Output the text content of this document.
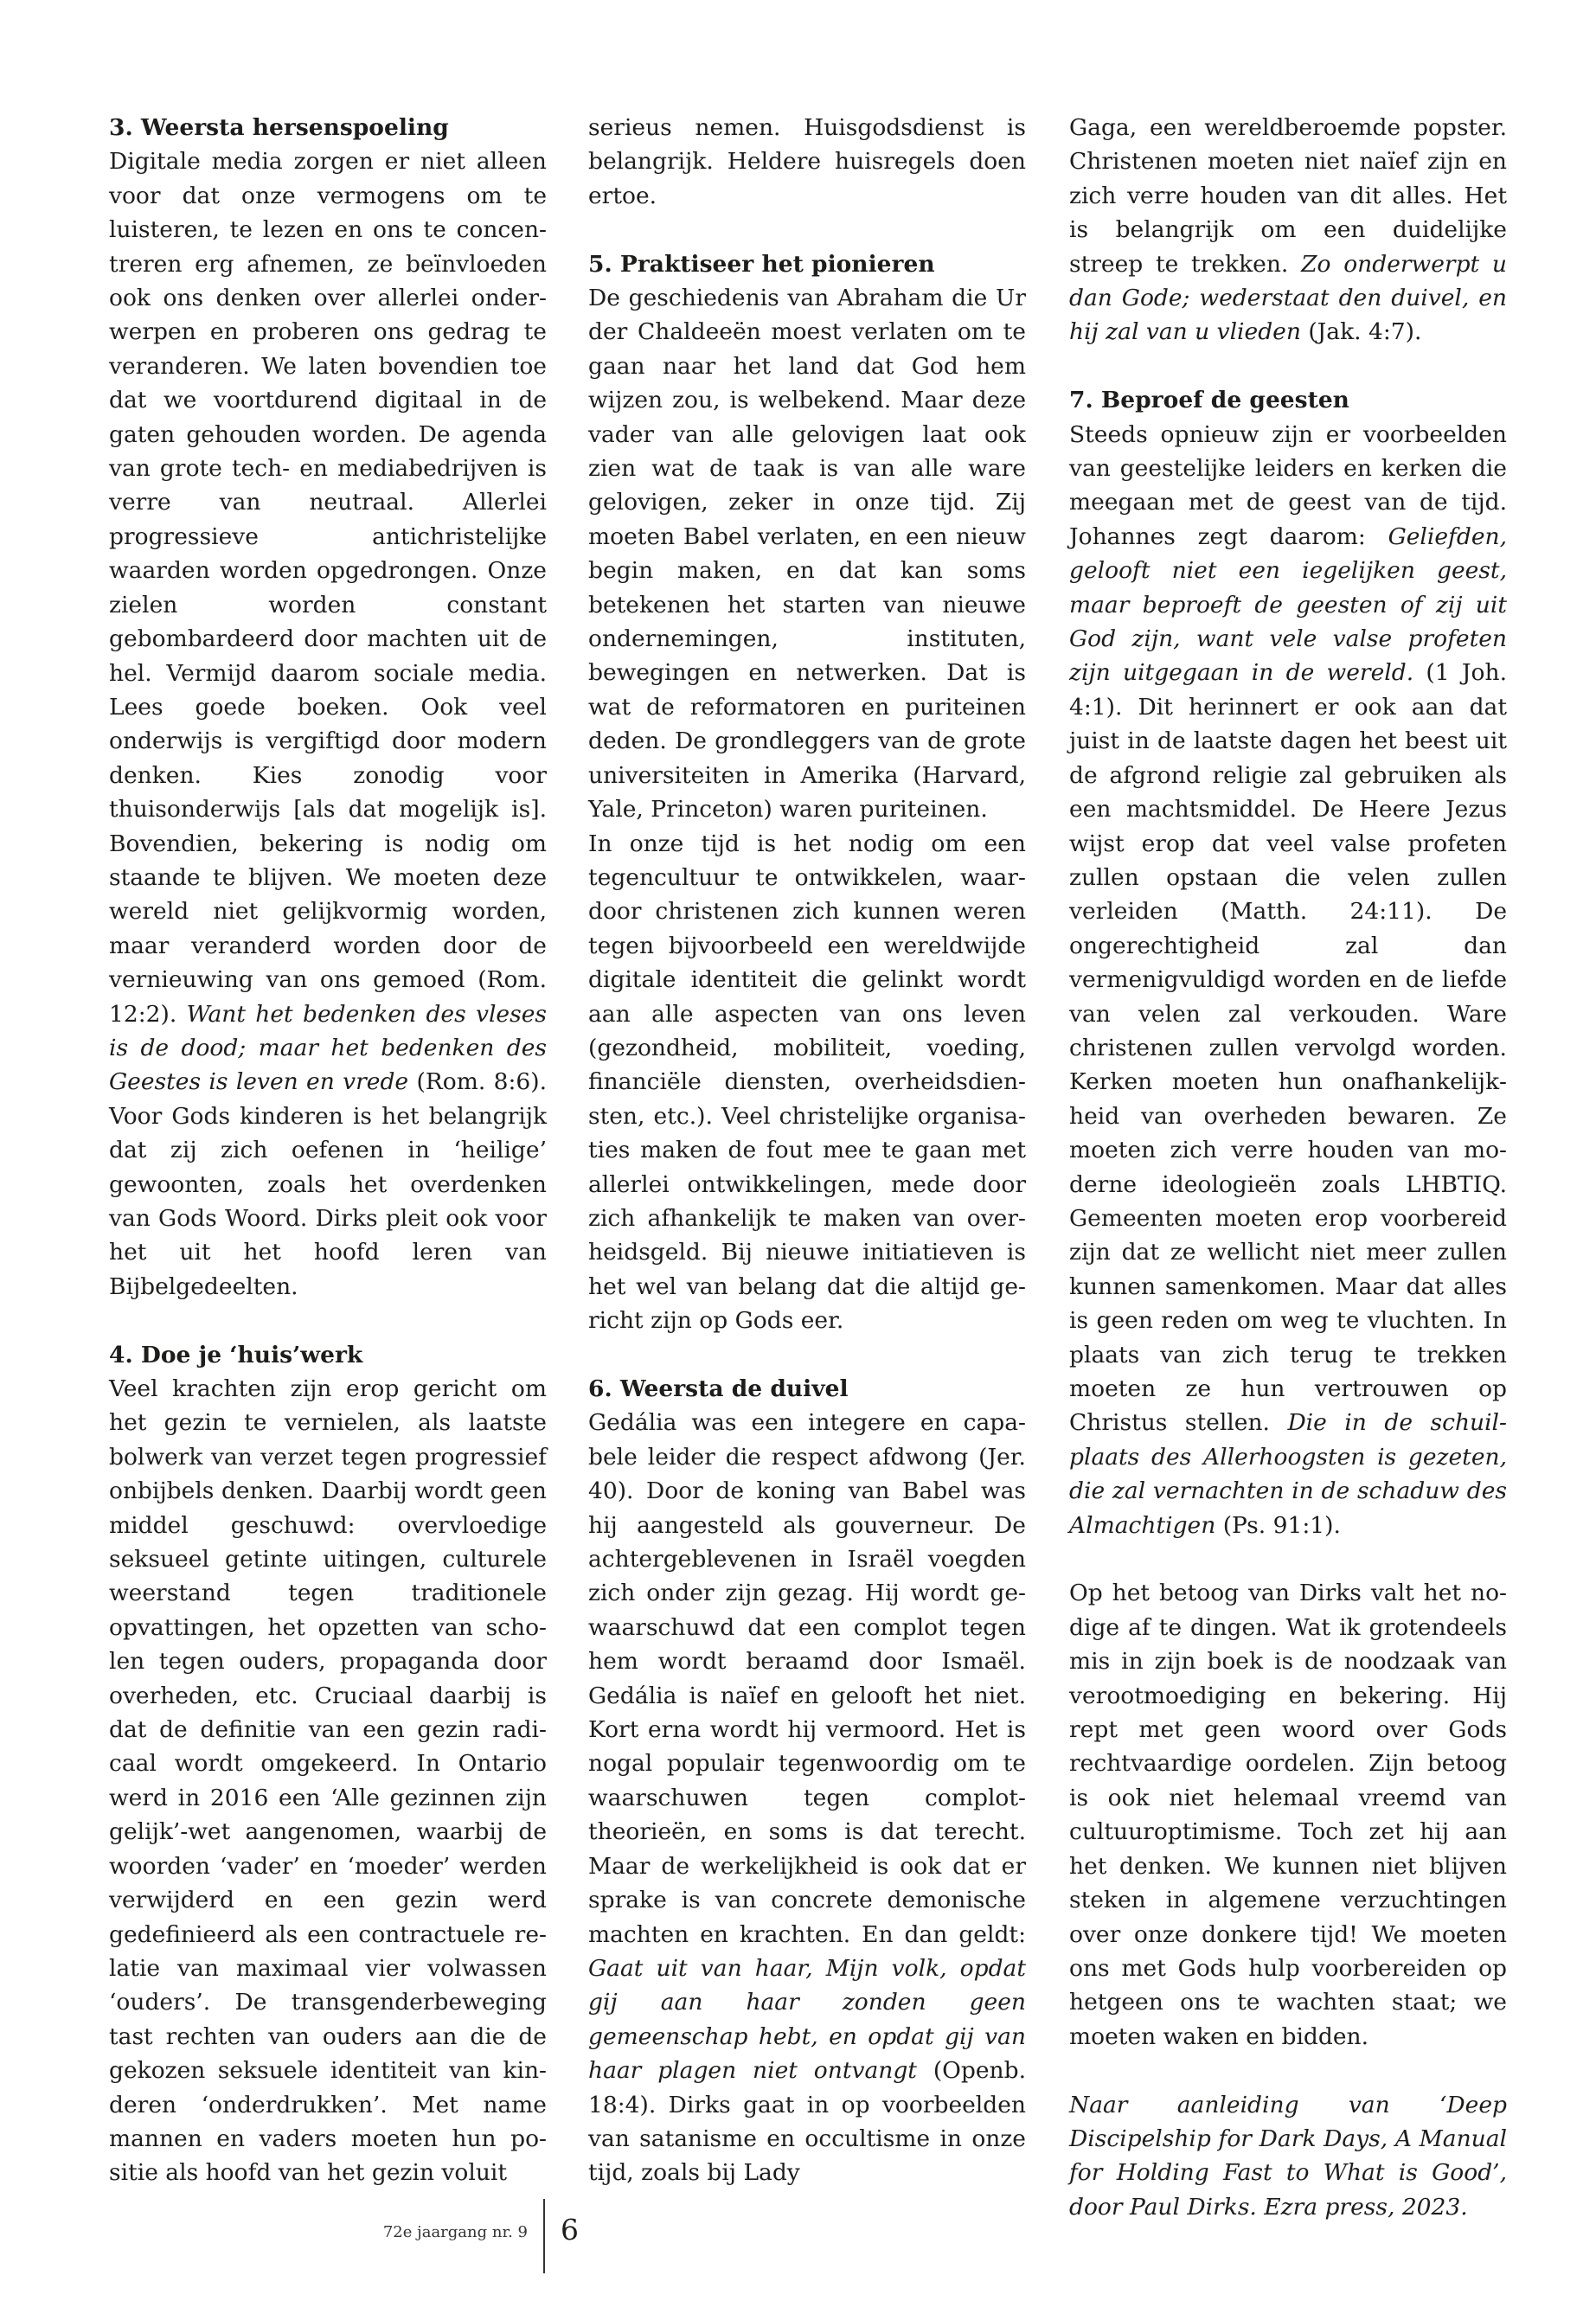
3. Weersta hersenspoeling

Digitale media zorgen er niet alleen voor dat onze vermogens om te luisteren, te lezen en ons te concentreren erg afnemen, ze beïnvloeden ook ons denken over allerlei onderwerpen en proberen ons gedrag te veranderen. We laten bovendien toe dat we voortdurend digitaal in de gaten gehouden worden. De agenda van grote tech- en mediabedrijven is verre van neutraal. Allerlei progressieve antichristelijke waarden worden opgedrongen. Onze zielen worden constant gebombardeerd door machten uit de hel. Vermijd daarom sociale media. Lees goede boeken. Ook veel onderwijs is vergiftigd door modern denken. Kies zonodig voor thuisonderwijs [als dat mogelijk is]. Bovendien, bekering is nodig om staande te blijven. We moeten deze wereld niet gelijkvormig worden, maar veranderd worden door de vernieuwing van ons gemoed (Rom. 12:2). Want het bedenken des vleses is de dood; maar het bedenken des Geestes is leven en vrede (Rom. 8:6). Voor Gods kinderen is het belangrijk dat zij zich oefenen in ‘heilige’ gewoonten, zoals het overdenken van Gods Woord. Dirks pleit ook voor het uit het hoofd leren van Bijbelgedeelten.

4. Doe je ‘huis’werk

Veel krachten zijn erop gericht om het gezin te vernielen, als laatste bolwerk van verzet tegen progressief onbijbels denken. Daarbij wordt geen middel geschuwd: overvloedige seksueel getinte uitingen, culturele weerstand tegen traditionele opvattingen, het opzetten van scholen tegen ouders, propaganda door overheden, etc. Cruciaal daarbij is dat de definitie van een gezin radicaal wordt omgekeerd. In Ontario werd in 2016 een ‘Alle gezinnen zijn gelijk’-wet aangenomen, waarbij de woorden ‘vader’ en ‘moeder’ werden verwijderd en een gezin werd gedefinieerd als een contractuele relatie van maximaal vier volwassen ‘ouders’. De transgenderbeweging tast rechten van ouders aan die de gekozen seksuele identiteit van kinderen ‘onderdrukken’. Met name mannen en vaders moeten hun positie als hoofd van het gezin voluit

serieus nemen. Huisgodsdienst is belangrijk. Heldere huisregels doen ertoe.

5. Praktiseer het pionieren

De geschiedenis van Abraham die Ur der Chaldeeën moest verlaten om te gaan naar het land dat God hem wijzen zou, is welbekend. Maar deze vader van alle gelovigen laat ook zien wat de taak is van alle ware gelovigen, zeker in onze tijd. Zij moeten Babel verlaten, en een nieuw begin maken, en dat kan soms betekenen het starten van nieuwe ondernemingen, instituten, bewegingen en netwerken. Dat is wat de reformatoren en puriteinen deden. De grondleggers van de grote universiteiten in Amerika (Harvard, Yale, Princeton) waren puriteinen.

In onze tijd is het nodig om een tegencultuur te ontwikkelen, waardoor christenen zich kunnen weren tegen bijvoorbeeld een wereldwijde digitale identiteit die gelinkt wordt aan alle aspecten van ons leven (gezondheid, mobiliteit, voeding, financiële diensten, overheidsdiensten, etc.). Veel christelijke organisaties maken de fout mee te gaan met allerlei ontwikkelingen, mede door zich afhankelijk te maken van overheidsgeld. Bij nieuwe initiatieven is het wel van belang dat die altijd gericht zijn op Gods eer.

6. Weersta de duivel

Gedália was een integere en capabele leider die respect afdwong (Jer. 40). Door de koning van Babel was hij aangesteld als gouverneur. De achtergeblevenen in Israël voegden zich onder zijn gezag. Hij wordt gewaarschuwd dat een complot tegen hem wordt beraamd door Ismaël. Gedália is naïef en gelooft het niet. Kort erna wordt hij vermoord. Het is nogal populair tegenwoordig om te waarschuwen tegen complottheorieën, en soms is dat terecht. Maar de werkelijkheid is ook dat er sprake is van concrete demonische machten en krachten. En dan geldt: Gaat uit van haar, Mijn volk, opdat gij aan haar zonden geen gemeenschap hebt, en opdat gij van haar plagen niet ontvangt (Openb. 18:4). Dirks gaat in op voorbeelden van satanisme en occultisme in onze tijd, zoals bij Lady

Gaga, een wereldberoemde popster. Christenen moeten niet naïef zijn en zich verre houden van dit alles. Het is belangrijk om een duidelijke streep te trekken. Zo onderwerpt u dan Gode; wederstaat den duivel, en hij zal van u vlieden (Jak. 4:7).

7. Beproef de geesten

Steeds opnieuw zijn er voorbeelden van geestelijke leiders en kerken die meegaan met de geest van de tijd. Johannes zegt daarom: Geliefden, gelooft niet een iegelijken geest, maar beproeft de geesten of zij uit God zijn, want vele valse profeten zijn uitgegaan in de wereld. (1 Joh. 4:1). Dit herinnert er ook aan dat juist in de laatste dagen het beest uit de afgrond religie zal gebruiken als een machtsmiddel. De Heere Jezus wijst erop dat veel valse profeten zullen opstaan die velen zullen verleiden (Matth. 24:11). De ongerechtigheid zal dan vermenigvuldigd worden en de liefde van velen zal verkouden. Ware christenen zullen vervolgd worden. Kerken moeten hun onafhankelijkheid van overheden bewaren. Ze moeten zich verre houden van moderne ideologieën zoals LHBTIQ. Gemeenten moeten erop voorbereid zijn dat ze wellicht niet meer zullen kunnen samenkomen. Maar dat alles is geen reden om weg te vluchten. In plaats van zich terug te trekken moeten ze hun vertrouwen op Christus stellen. Die in de schuilplaats des Allerhoogsten is gezeten, die zal vernachten in de schaduw des Almachtigen (Ps. 91:1).

Op het betoog van Dirks valt het nodige af te dingen. Wat ik grotendeels mis in zijn boek is de noodzaak van verootmoediging en bekering. Hij rept met geen woord over Gods rechtvaardige oordelen. Zijn betoog is ook niet helemaal vreemd van cultuuroptimisme. Toch zet hij aan het denken. We kunnen niet blijven steken in algemene verzuchtingen over onze donkere tijd! We moeten ons met Gods hulp voorbereiden op hetgeen ons te wachten staat; we moeten waken en bidden.

Naar aanleiding van ‘Deep Discipelship for Dark Days, A Manual for Holding Fast to What is Good’, door Paul Dirks. Ezra press, 2023.

72e jaargang nr. 9 6
